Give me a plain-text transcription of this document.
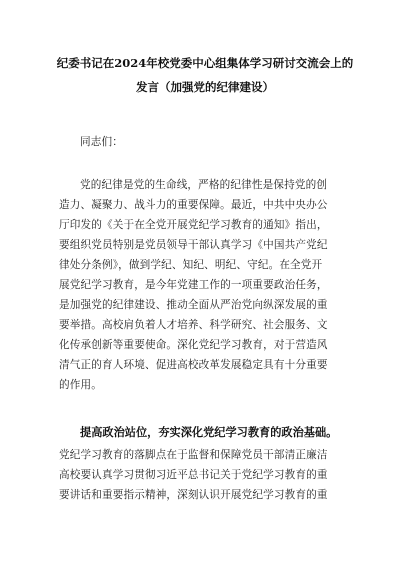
纪委书记在2024年校党委中心组集体学习研讨交流会上的
发言（加强党的纪律建设）
同志们：
党的纪律是党的生命线，严格的纪律性是保持党的创
造力、凝聚力、战斗力的重要保障。最近，中共中央办公
厅印发的《关于在全党开展党纪学习教育的通知》指出，
要组织党员特别是党员领导干部认真学习《中国共产党纪
律处分条例》，做到学纪、知纪、明纪、守纪。在全党开
展党纪学习教育，是今年党建工作的一项重要政治任务，
是加强党的纪律建设、推动全面从严治党向纵深发展的重
要举措。高校肩负着人才培养、科学研究、社会服务、文
化传承创新等重要使命。深化党纪学习教育，对于营造风
清气正的育人环境、促进高校改革发展稳定具有十分重要
的作用。
提高政治站位，夯实深化党纪学习教育的政治基础。
党纪学习教育的落脚点在于监督和保障党员干部清正廉洁
高校要认真学习贯彻习近平总书记关于党纪学习教育的重
要讲话和重要指示精神，深刻认识开展党纪学习教育的重
